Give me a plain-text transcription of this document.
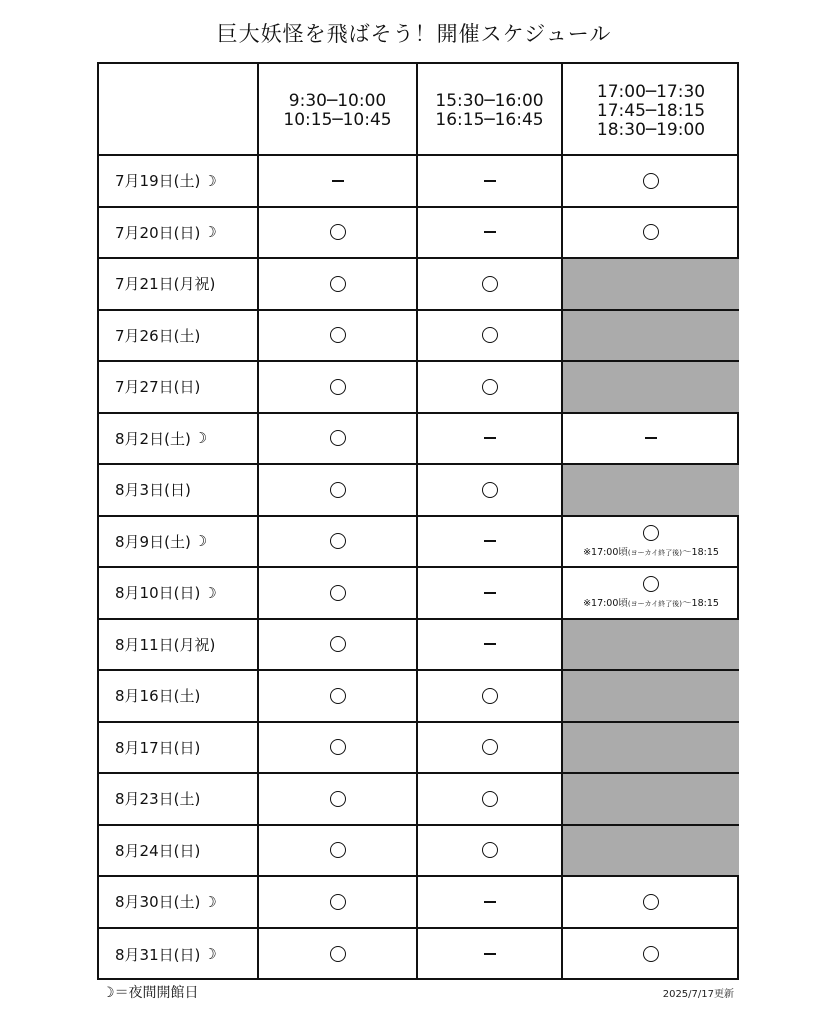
巨大妖怪を飛ばそう！開催スケジュール
9:30─10:00
10:15─10:45
15:30─16:00
16:15─16:45
17:00─17:30
17:45─18:15
18:30─19:00
7月19日(土) ☽
7月20日(日) ☽
7月21日(月祝)
7月26日(土)
7月27日(日)
8月2日(土) ☽
8月3日(日)
8月9日(土) ☽
※17:00頃(ヨーカイ終了後)〜18:15
8月10日(日) ☽
※17:00頃(ヨーカイ終了後)〜18:15
8月11日(月祝)
8月16日(土)
8月17日(日)
8月23日(土)
8月24日(日)
8月30日(土) ☽
8月31日(日) ☽
☽＝夜間開館日	2025/7/17更新
